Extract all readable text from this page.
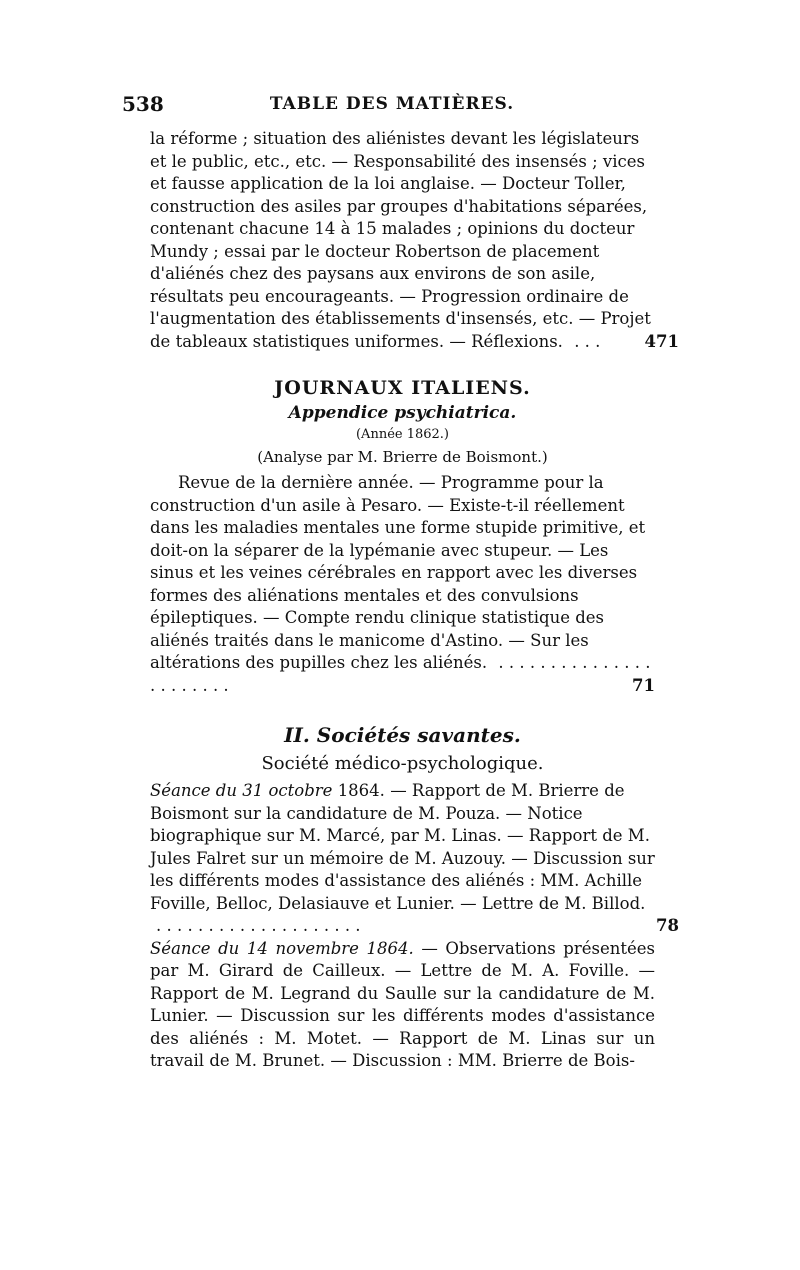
538	TABLE DES MATIÈRES.
la réforme ; situation des aliénistes devant les législateurs et le public, etc., etc. — Responsabilité des insensés ; vices et fausse application de la loi anglaise. — Docteur Toller, construction des asiles par groupes d'habitations séparées, contenant chacune 14 à 15 malades ; opinions du docteur Mundy ; essai par le docteur Robertson de placement d'aliénés chez des paysans aux environs de son asile, résultats peu encourageants. — Progression ordinaire de l'augmentation des établissements d'insensés, etc. — Projet de tableaux statistiques uniformes. — Réflexions. . . .	471
JOURNAUX ITALIENS.
Appendice psychiatrica.
(Année 1862.)
(Analyse par M. Brierre de Boismont.)
Revue de la dernière année. — Programme pour la construction d'un asile à Pesaro. — Existe-t-il réellement dans les maladies mentales une forme stupide primitive, et doit-on la séparer de la lypémanie avec stupeur. — Les sinus et les veines cérébrales en rapport avec les diverses formes des aliénations mentales et des convulsions épileptiques. — Compte rendu clinique statistique des aliénés traités dans le manicome d'Astino. — Sur les altérations des pupilles chez les aliénés. . . . . . . . . . . . . . . . . . . . . . . .	71
II. Sociétés savantes.
Société médico-psychologique.
Séance du 31 octobre 1864. — Rapport de M. Brierre de Boismont sur la candidature de M. Pouza. — Notice biographique sur M. Marcé, par M. Linas. — Rapport de M. Jules Falret sur un mémoire de M. Auzouy. — Discussion sur les différents modes d'assistance des aliénés : MM. Achille Foville, Belloc, Delasiauve et Lunier. — Lettre de M. Billod. . . . . . . . . . . . . . . . . . . . .	78

Séance du 14 novembre 1864. — Observations présentées par M. Girard de Cailleux. — Lettre de M. A. Foville. — Rapport de M. Legrand du Saulle sur la candidature de M. Lunier. — Discussion sur les différents modes d'assistance des aliénés : M. Motet. — Rapport de M. Linas sur un travail de M. Brunet. — Discussion : MM. Brierre de Bois-
